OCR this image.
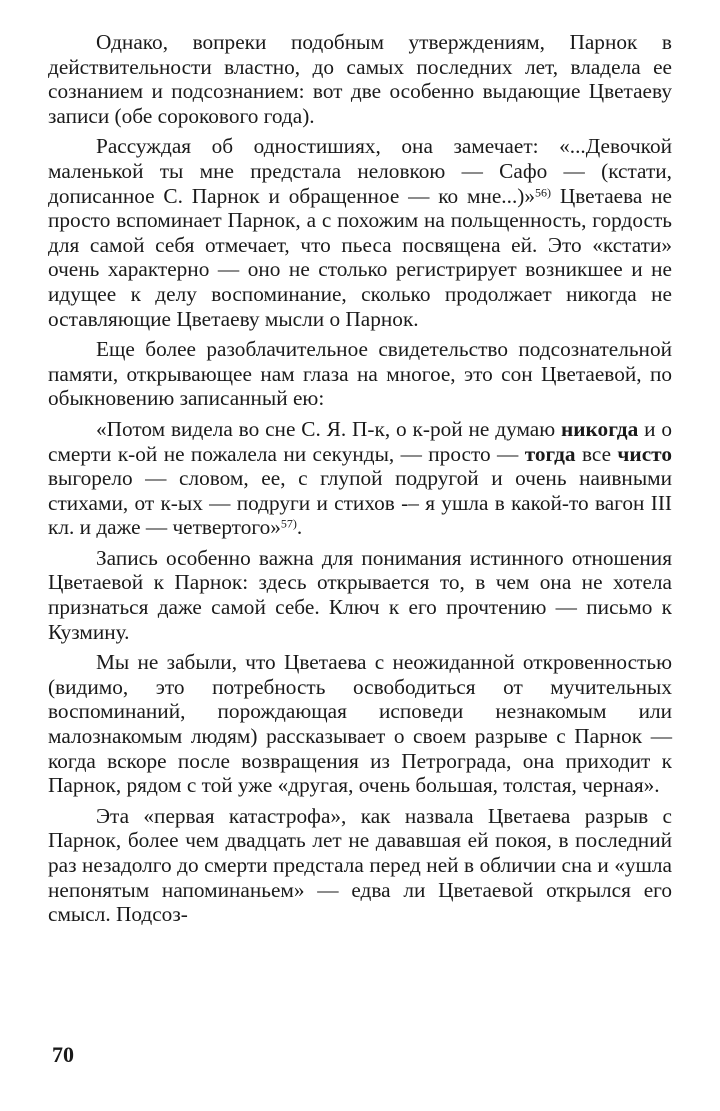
Однако, вопреки подобным утверждениям, Парнок в действительности властно, до самых последних лет, владела ее сознанием и подсознанием: вот две особенно выдающие Цветаеву записи (обе сорокового года).

Рассуждая об одностишиях, она замечает: «...Девочкой маленькой ты мне предстала неловкою — Сафо — (кстати, дописанное С. Парнок и обращенное — ко мне...)»$^{56)}$ Цветаева не просто вспоминает Парнок, а с похожим на польщенность, гордость для самой себя отмечает, что пьеса посвящена ей. Это «кстати» очень характерно — оно не столько регистрирует возникшее и не идущее к делу воспоминание, сколько продолжает никогда не оставляющие Цветаеву мысли о Парнок.

Еще более разоблачительное свидетельство подсознательной памяти, открывающее нам глаза на многое, это сон Цветаевой, по обыкновению записанный ею:

«Потом видела во сне С. Я. П-к, о к-рой не думаю никогда и о смерти к-ой не пожалела ни секунды, — просто — тогда все чисто выгорело — словом, ее, с глупой подругой и очень наивными стихами, от к-ых — подруги и стихов -– я ушла в какой-то вагон III кл. и даже — четвертого»$^{57)}$.

Запись особенно важна для понимания истинного отношения Цветаевой к Парнок: здесь открывается то, в чем она не хотела признаться даже самой себе. Ключ к его прочтению — письмо к Кузмину.

Мы не забыли, что Цветаева с неожиданной откровенностью (видимо, это потребность освободиться от мучительных воспоминаний, порождающая исповеди незнакомым или малознакомым людям) рассказывает о своем разрыве с Парнок — когда вскоре после возвращения из Петрограда, она приходит к Парнок, рядом с той уже «другая, очень большая, толстая, черная».

Эта «первая катастрофа», как назвала Цветаева разрыв с Парнок, более чем двадцать лет не дававшая ей покоя, в последний раз незадолго до смерти предстала перед ней в обличии сна и «ушла непонятым напоминаньем» — едва ли Цветаевой открылся его смысл. Подсоз-

70
